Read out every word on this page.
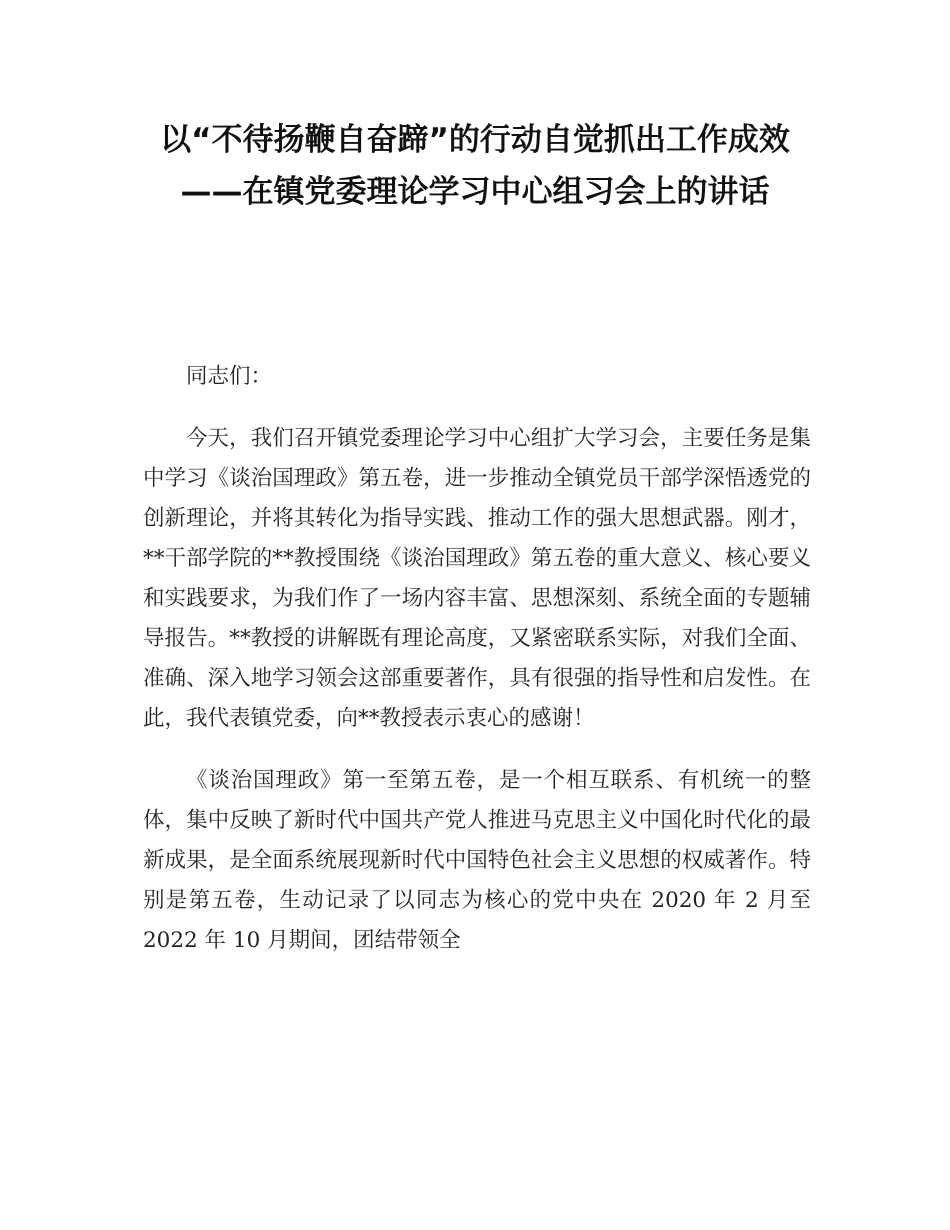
以“不待扬鞭自奋蹄”的行动自觉抓出工作成效——在镇党委理论学习中心组习会上的讲话

同志们：

今天，我们召开镇党委理论学习中心组扩大学习会，主要任务是集中学习《谈治国理政》第五卷，进一步推动全镇党员干部学深悟透党的创新理论，并将其转化为指导实践、推动工作的强大思想武器。刚才，**干部学院的**教授围绕《谈治国理政》第五卷的重大意义、核心要义和实践要求，为我们作了一场内容丰富、思想深刻、系统全面的专题辅导报告。**教授的讲解既有理论高度，又紧密联系实际，对我们全面、准确、深入地学习领会这部重要著作，具有很强的指导性和启发性。在此，我代表镇党委，向**教授表示衷心的感谢！

《谈治国理政》第一至第五卷，是一个相互联系、有机统一的整体，集中反映了新时代中国共产党人推进马克思主义中国化时代化的最新成果，是全面系统展现新时代中国特色社会主义思想的权威著作。特别是第五卷，生动记录了以同志为核心的党中央在 2020 年 2 月至 2022 年 10 月期间，团结带领全
